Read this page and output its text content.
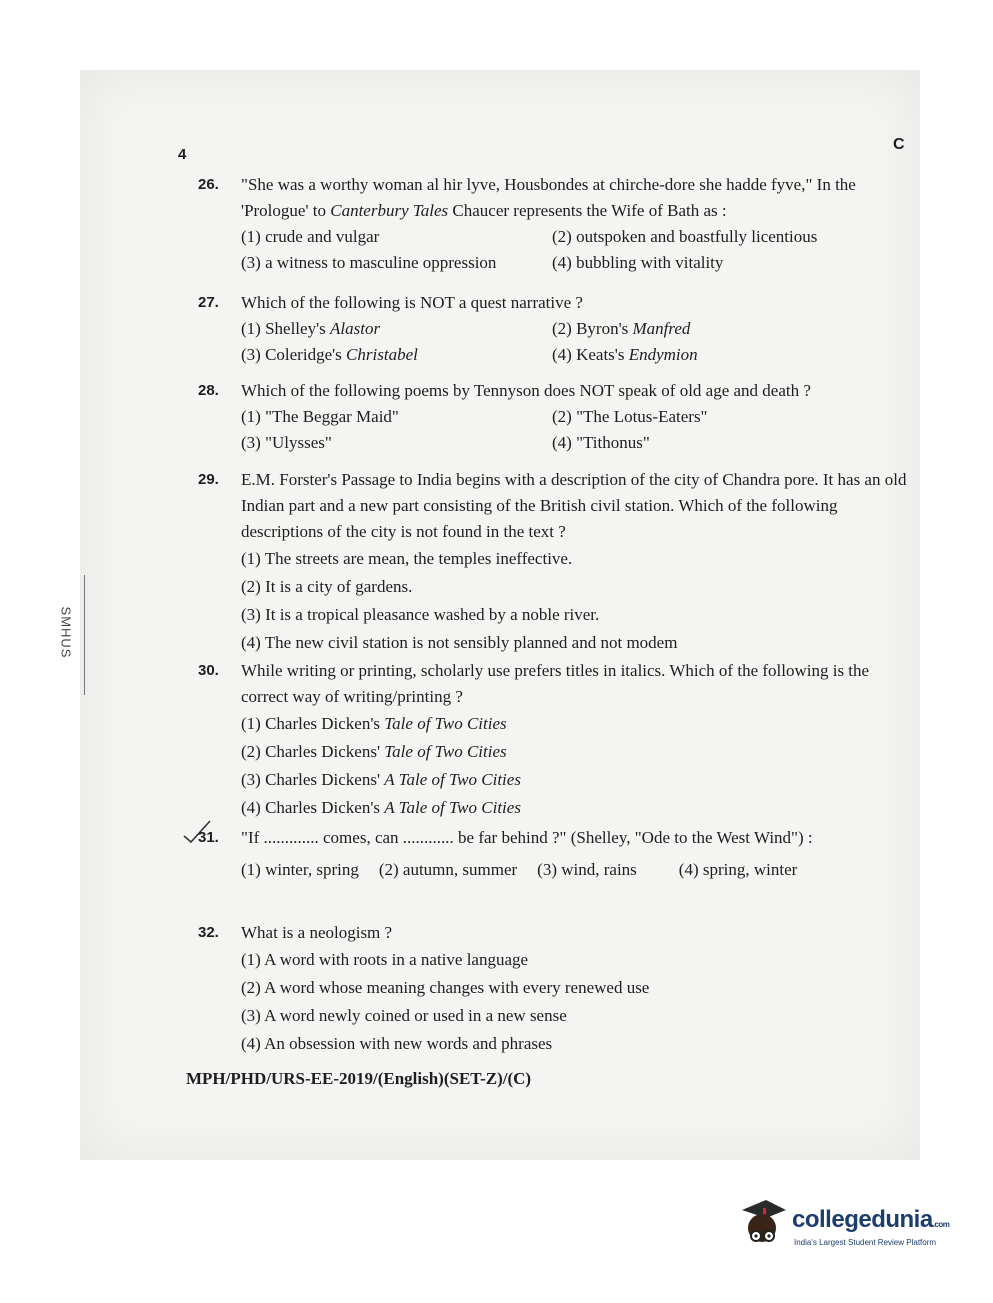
4
C
SMHUS
26. "She was a worthy woman al hir lyve, Housbondes at chirche-dore she hadde fyve," In the 'Prologue' to Canterbury Tales Chaucer represents the Wife of Bath as :
(1) crude and vulgar	(2) outspoken and boastfully licentious
(3) a witness to masculine oppression	(4) bubbling with vitality
27. Which of the following is NOT a quest narrative ?
(1) Shelley's Alastor	(2) Byron's Manfred
(3) Coleridge's Christabel	(4) Keats's Endymion
28. Which of the following poems by Tennyson does NOT speak of old age and death ?
(1) "The Beggar Maid"	(2) "The Lotus-Eaters"
(3) "Ulysses"	(4) "Tithonus"
29. E.M. Forster's Passage to India begins with a description of the city of Chandra pore. It has an old Indian part and a new part consisting of the British civil station. Which of the following descriptions of the city is not found in the text ?
(1) The streets are mean, the temples ineffective.
(2) It is a city of gardens.
(3) It is a tropical pleasance washed by a noble river.
(4) The new civil station is not sensibly planned and not modem
30. While writing or printing, scholarly use prefers titles in italics. Which of the following is the correct way of writing/printing ?
(1) Charles Dicken's Tale of Two Cities
(2) Charles Dickens' Tale of Two Cities
(3) Charles Dickens' A Tale of Two Cities
(4) Charles Dicken's A Tale of Two Cities
31. "If ............. comes, can ............ be far behind ?" (Shelley, "Ode to the West Wind") :
(1) winter, spring (2) autumn, summer (3) wind, rains (4) spring, winter
32. What is a neologism ?
(1) A word with roots in a native language
(2) A word whose meaning changes with every renewed use
(3) A word newly coined or used in a new sense
(4) An obsession with new words and phrases
MPH/PHD/URS-EE-2019/(English)(SET-Z)/(C)
collegedunia.com
India's Largest Student Review Platform
